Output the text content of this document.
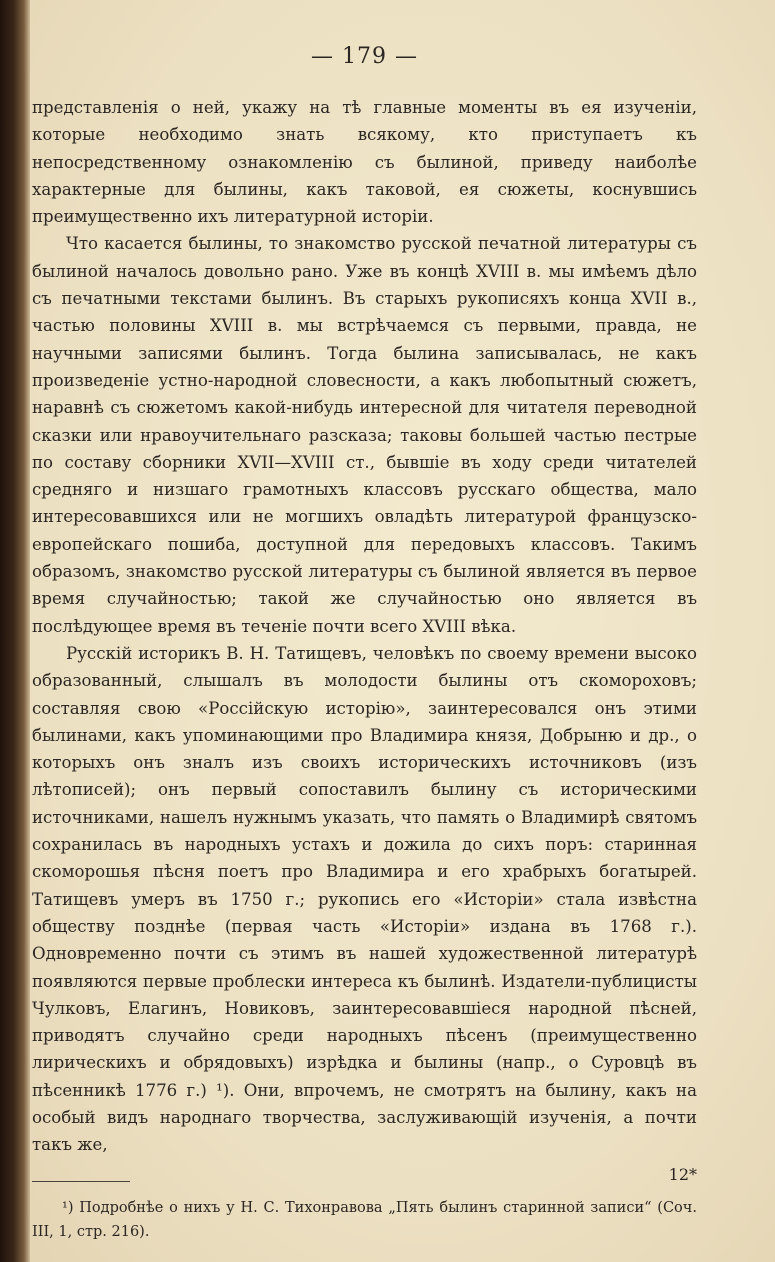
— 179 —

представленія о ней, укажу на тѣ главные моменты въ ея изученіи, которые необходимо знать всякому, кто приступаетъ къ непосредственному ознакомленію съ былиной, приведу наиболѣе характерные для былины, какъ таковой, ея сюжеты, коснувшись преимущественно ихъ литературной исторіи.

Что касается былины, то знакомство русской печатной литературы съ былиной началось довольно рано. Уже въ концѣ XVIII в. мы имѣемъ дѣло съ печатными текстами былинъ. Въ старыхъ рукописяхъ конца XVII в., частью половины XVIII в. мы встрѣчаемся съ первыми, правда, не научными записями былинъ. Тогда былина записывалась, не какъ произведеніе устно-народной словесности, а какъ любопытный сюжетъ, наравнѣ съ сюжетомъ какой-нибудь интересной для читателя переводной сказки или нравоучительнаго разсказа; таковы большей частью пестрые по составу сборники XVII—XVIII ст., бывшіе въ ходу среди читателей средняго и низшаго грамотныхъ классовъ русскаго общества, мало интересовавшихся или не могшихъ овладѣть литературой французско-европейскаго пошиба, доступной для передовыхъ классовъ. Такимъ образомъ, знакомство русской литературы съ былиной является въ первое время случайностью; такой же случайностью оно является въ послѣдующее время въ теченіе почти всего XVIII вѣка.

Русскій историкъ В. Н. Татищевъ, человѣкъ по своему времени высоко образованный, слышалъ въ молодости былины отъ скомороховъ; составляя свою «Россійскую исторію», заинтересовался онъ этими былинами, какъ упоминающими про Владимира князя, Добрыню и др., о которыхъ онъ зналъ изъ своихъ историческихъ источниковъ (изъ лѣтописей); онъ первый сопоставилъ былину съ историческими источниками, нашелъ нужнымъ указать, что память о Владимирѣ святомъ сохранилась въ народныхъ устахъ и дожила до сихъ поръ: старинная скоморошья пѣсня поетъ про Владимира и его храбрыхъ богатырей. Татищевъ умеръ въ 1750 г.; рукопись его «Исторіи» стала извѣстна обществу позднѣе (первая часть «Исторіи» издана въ 1768 г.). Одновременно почти съ этимъ въ нашей художественной литературѣ появляются первые проблески интереса къ былинѣ. Издатели-публицисты Чулковъ, Елагинъ, Новиковъ, заинтересовавшіеся народной пѣсней, приводятъ случайно среди народныхъ пѣсенъ (преимущественно лирическихъ и обрядовыхъ) изрѣдка и былины (напр., о Суровцѣ въ пѣсенникѣ 1776 г.) ¹). Они, впрочемъ, не смотрятъ на былину, какъ на особый видъ народнаго творчества, заслуживающій изученія, а почти такъ же,

¹) Подробнѣе о нихъ у Н. С. Тихонравова „Пять былинъ старинной записи“ (Соч. III, 1, стр. 216).
12*
